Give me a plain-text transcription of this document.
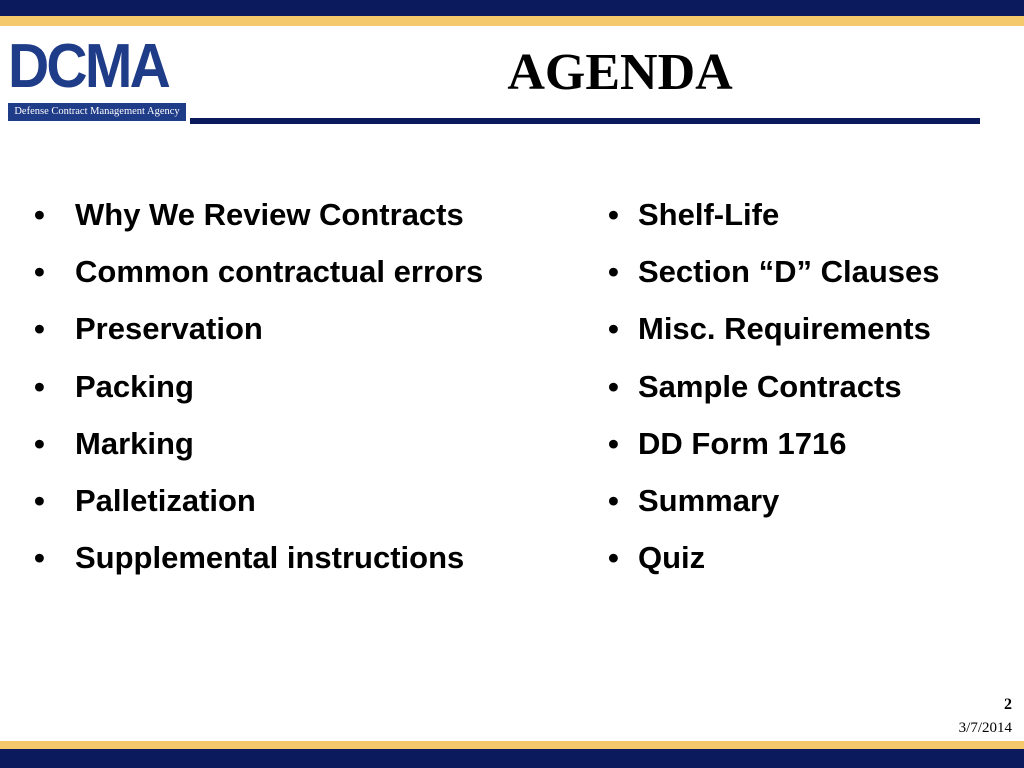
DCMA
Defense Contract Management Agency
AGENDA
• Why We Review Contracts
• Common contractual errors
• Preservation
• Packing
• Marking
• Palletization
• Supplemental instructions
• Shelf-Life
• Section “D” Clauses
• Misc. Requirements
• Sample Contracts
• DD Form 1716
• Summary
• Quiz
2
3/7/2014
